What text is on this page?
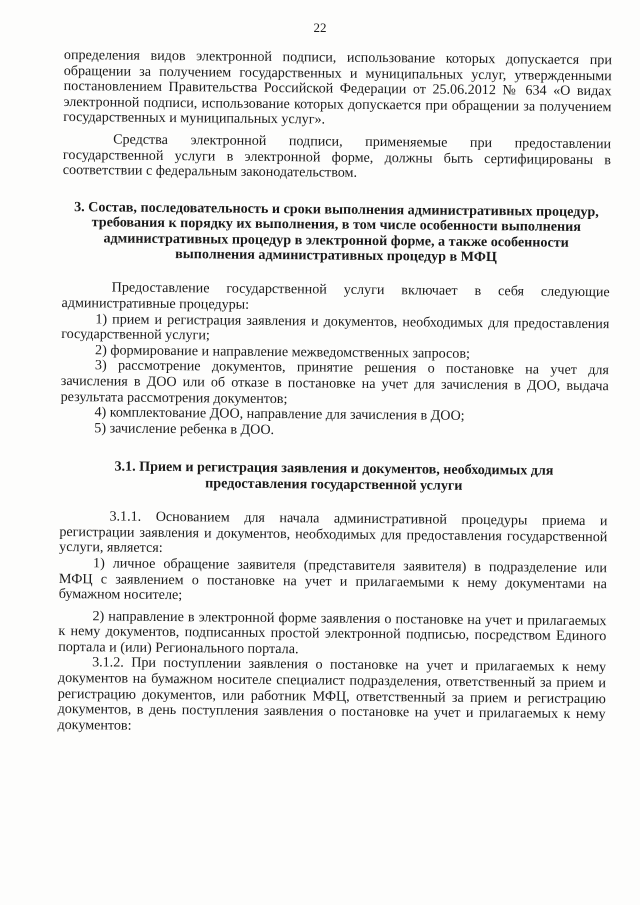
22

определения видов электронной подписи, использование которых допускается при обращении за получением государственных и муниципальных услуг, утвержденными постановлением Правительства Российской Федерации от 25.06.2012 № 634 «О видах электронной подписи, использование которых допускается при обращении за получением государственных и муниципальных услуг».

Средства электронной подписи, применяемые при предоставлении государственной услуги в электронной форме, должны быть сертифицированы в соответствии с федеральным законодательством.

3. Состав, последовательность и сроки выполнения административных процедур, требования к порядку их выполнения, в том числе особенности выполнения административных процедур в электронной форме, а также особенности выполнения административных процедур в МФЦ

Предоставление государственной услуги включает в себя следующие административные процедуры:

1) прием и регистрация заявления и документов, необходимых для предоставления государственной услуги;

2) формирование и направление межведомственных запросов;

3) рассмотрение документов, принятие решения о постановке на учет для зачисления в ДОО или об отказе в постановке на учет для зачисления в ДОО, выдача результата рассмотрения документов;

4) комплектование ДОО, направление для зачисления в ДОО;

5) зачисление ребенка в ДОО.

3.1. Прием и регистрация заявления и документов, необходимых для предоставления государственной услуги

3.1.1. Основанием для начала административной процедуры приема и регистрации заявления и документов, необходимых для предоставления государственной услуги, является:

1) личное обращение заявителя (представителя заявителя) в подразделение или МФЦ с заявлением о постановке на учет и прилагаемыми к нему документами на бумажном носителе;

2) направление в электронной форме заявления о постановке на учет и прилагаемых к нему документов, подписанных простой электронной подписью, посредством Единого портала и (или) Регионального портала.

3.1.2. При поступлении заявления о постановке на учет и прилагаемых к нему документов на бумажном носителе специалист подразделения, ответственный за прием и регистрацию документов, или работник МФЦ, ответственный за прием и регистрацию документов, в день поступления заявления о постановке на учет и прилагаемых к нему документов:
